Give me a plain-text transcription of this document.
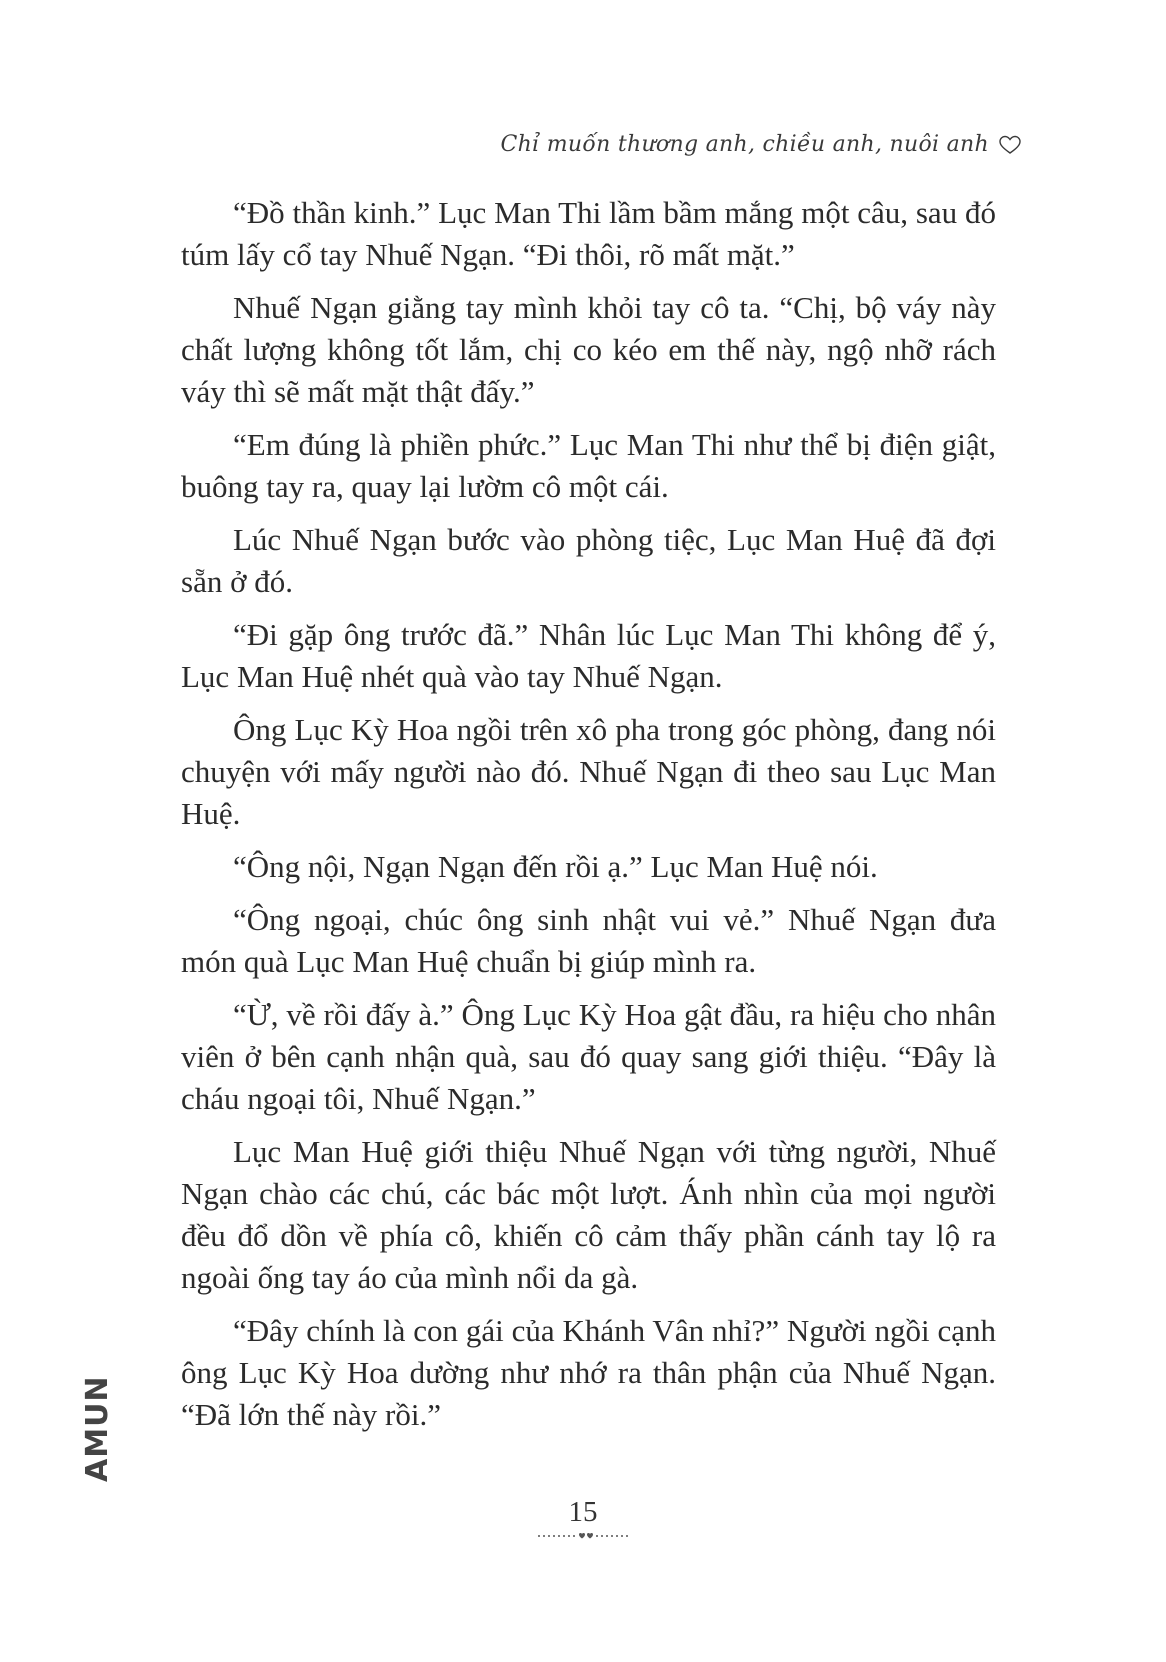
Chỉ muốn thương anh, chiều anh, nuôi anh

“Đồ thần kinh.” Lục Man Thi lầm bầm mắng một câu, sau đó túm lấy cổ tay Nhuế Ngạn. “Đi thôi, rõ mất mặt.”

Nhuế Ngạn giằng tay mình khỏi tay cô ta. “Chị, bộ váy này chất lượng không tốt lắm, chị co kéo em thế này, ngộ nhỡ rách váy thì sẽ mất mặt thật đấy.”

“Em đúng là phiền phức.” Lục Man Thi như thể bị điện giật, buông tay ra, quay lại lườm cô một cái.

Lúc Nhuế Ngạn bước vào phòng tiệc, Lục Man Huệ đã đợi sẵn ở đó.

“Đi gặp ông trước đã.” Nhân lúc Lục Man Thi không để ý, Lục Man Huệ nhét quà vào tay Nhuế Ngạn.

Ông Lục Kỳ Hoa ngồi trên xô pha trong góc phòng, đang nói chuyện với mấy người nào đó. Nhuế Ngạn đi theo sau Lục Man Huệ.

“Ông nội, Ngạn Ngạn đến rồi ạ.” Lục Man Huệ nói.

“Ông ngoại, chúc ông sinh nhật vui vẻ.” Nhuế Ngạn đưa món quà Lục Man Huệ chuẩn bị giúp mình ra.

“Ừ, về rồi đấy à.” Ông Lục Kỳ Hoa gật đầu, ra hiệu cho nhân viên ở bên cạnh nhận quà, sau đó quay sang giới thiệu. “Đây là cháu ngoại tôi, Nhuế Ngạn.”

Lục Man Huệ giới thiệu Nhuế Ngạn với từng người, Nhuế Ngạn chào các chú, các bác một lượt. Ánh nhìn của mọi người đều đổ dồn về phía cô, khiến cô cảm thấy phần cánh tay lộ ra ngoài ống tay áo của mình nổi da gà.

“Đây chính là con gái của Khánh Vân nhỉ?” Người ngồi cạnh ông Lục Kỳ Hoa dường như nhớ ra thân phận của Nhuế Ngạn. “Đã lớn thế này rồi.”

AMUN
15
